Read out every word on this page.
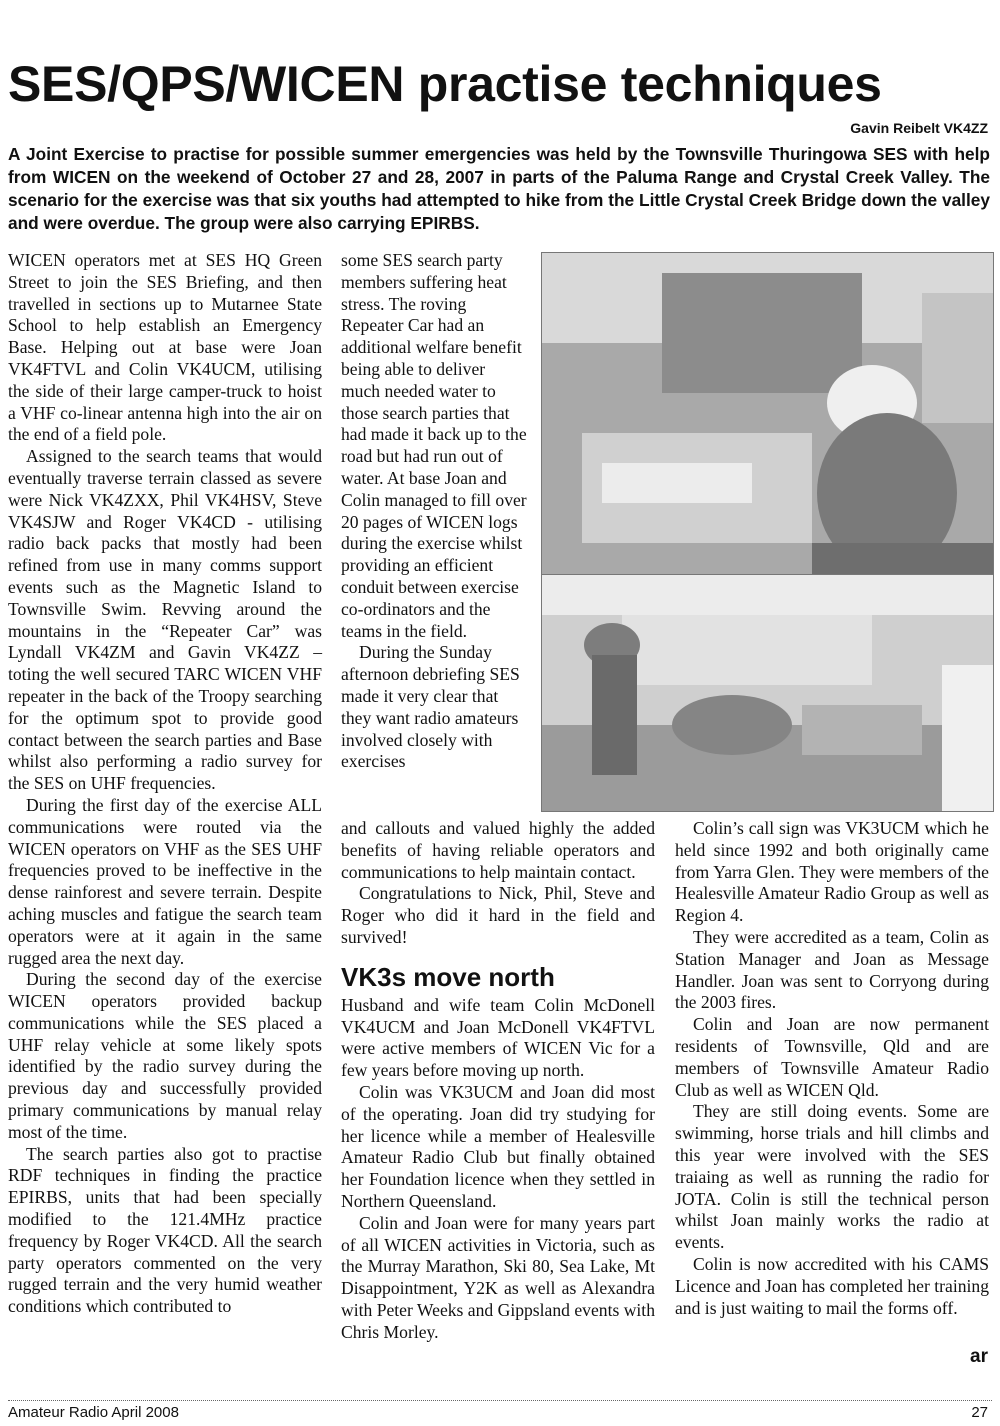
SES/QPS/WICEN practise techniques
Gavin Reibelt VK4ZZ

A Joint Exercise to practise for possible summer emergencies was held by the Townsville Thuringowa SES with help from WICEN on the weekend of October 27 and 28, 2007 in parts of the Paluma Range and Crystal Creek Valley. The scenario for the exercise was that six youths had attempted to hike from the Little Crystal Creek Bridge down the valley and were overdue. The group were also carrying EPIRBS.

WICEN operators met at SES HQ Green Street to join the SES Briefing, and then travelled in sections up to Mutarnee State School to help establish an Emergency Base. Helping out at base were Joan VK4FTVL and Colin VK4UCM, utilising the side of their large camper-truck to hoist a VHF co-linear antenna high into the air on the end of a field pole.

Assigned to the search teams that would eventually traverse terrain classed as severe were Nick VK4ZXX, Phil VK4HSV, Steve VK4SJW and Roger VK4CD - utilising radio back packs that mostly had been refined from use in many comms support events such as the Magnetic Island to Townsville Swim. Revving around the mountains in the “Repeater Car” was Lyndall VK4ZM and Gavin VK4ZZ – toting the well secured TARC WICEN VHF repeater in the back of the Troopy searching for the optimum spot to provide good contact between the search parties and Base whilst also performing a radio survey for the SES on UHF frequencies.

During the first day of the exercise ALL communications were routed via the WICEN operators on VHF as the SES UHF frequencies proved to be ineffective in the dense rainforest and severe terrain. Despite aching muscles and fatigue the search team operators were at it again in the same rugged area the next day.

During the second day of the exercise WICEN operators provided backup communications while the SES placed a UHF relay vehicle at some likely spots identified by the radio survey during the previous day and successfully provided primary communications by manual relay most of the time.

The search parties also got to practise RDF techniques in finding the practice EPIRBS, units that had been specially modified to the 121.4MHz practice frequency by Roger VK4CD. All the search party operators commented on the very rugged terrain and the very humid weather conditions which contributed to

some SES search party members suffering heat stress. The roving Repeater Car had an additional welfare benefit being able to deliver much needed water to those search parties that had made it back up to the road but had run out of water. At base Joan and Colin managed to fill over 20 pages of WICEN logs during the exercise whilst providing an efficient conduit between exercise co-ordinators and the teams in the field.

During the Sunday afternoon debriefing SES made it very clear that they want radio amateurs involved closely with exercises

and callouts and valued highly the added benefits of having reliable operators and communications to help maintain contact.

Congratulations to Nick, Phil, Steve and Roger who did it hard in the field and survived!

VK3s move north

Husband and wife team Colin McDonell VK4UCM and Joan McDonell VK4FTVL were active members of WICEN Vic for a few years before moving up north.

Colin was VK3UCM and Joan did most of the operating. Joan did try studying for her licence while a member of Healesville Amateur Radio Club but finally obtained her Foundation licence when they settled in Northern Queensland.

Colin and Joan were for many years part of all WICEN activities in Victoria, such as the Murray Marathon, Ski 80, Sea Lake, Mt Disappointment, Y2K as well as Alexandra with Peter Weeks and Gippsland events with Chris Morley.

Colin’s call sign was VK3UCM which he held since 1992 and both originally came from Yarra Glen. They were members of the Healesville Amateur Radio Group as well as Region 4.

They were accredited as a team, Colin as Station Manager and Joan as Message Handler. Joan was sent to Corryong during the 2003 fires.

Colin and Joan are now permanent residents of Townsville, Qld and are members of Townsville Amateur Radio Club as well as WICEN Qld.

They are still doing events. Some are swimming, horse trials and hill climbs and this year were involved with the SES traiaing as well as running the radio for JOTA. Colin is still the technical person whilst Joan mainly works the radio at events.

Colin is now accredited with his CAMS Licence and Joan has completed her training and is just waiting to mail the forms off.

ar
Amateur Radio April 2008	27
